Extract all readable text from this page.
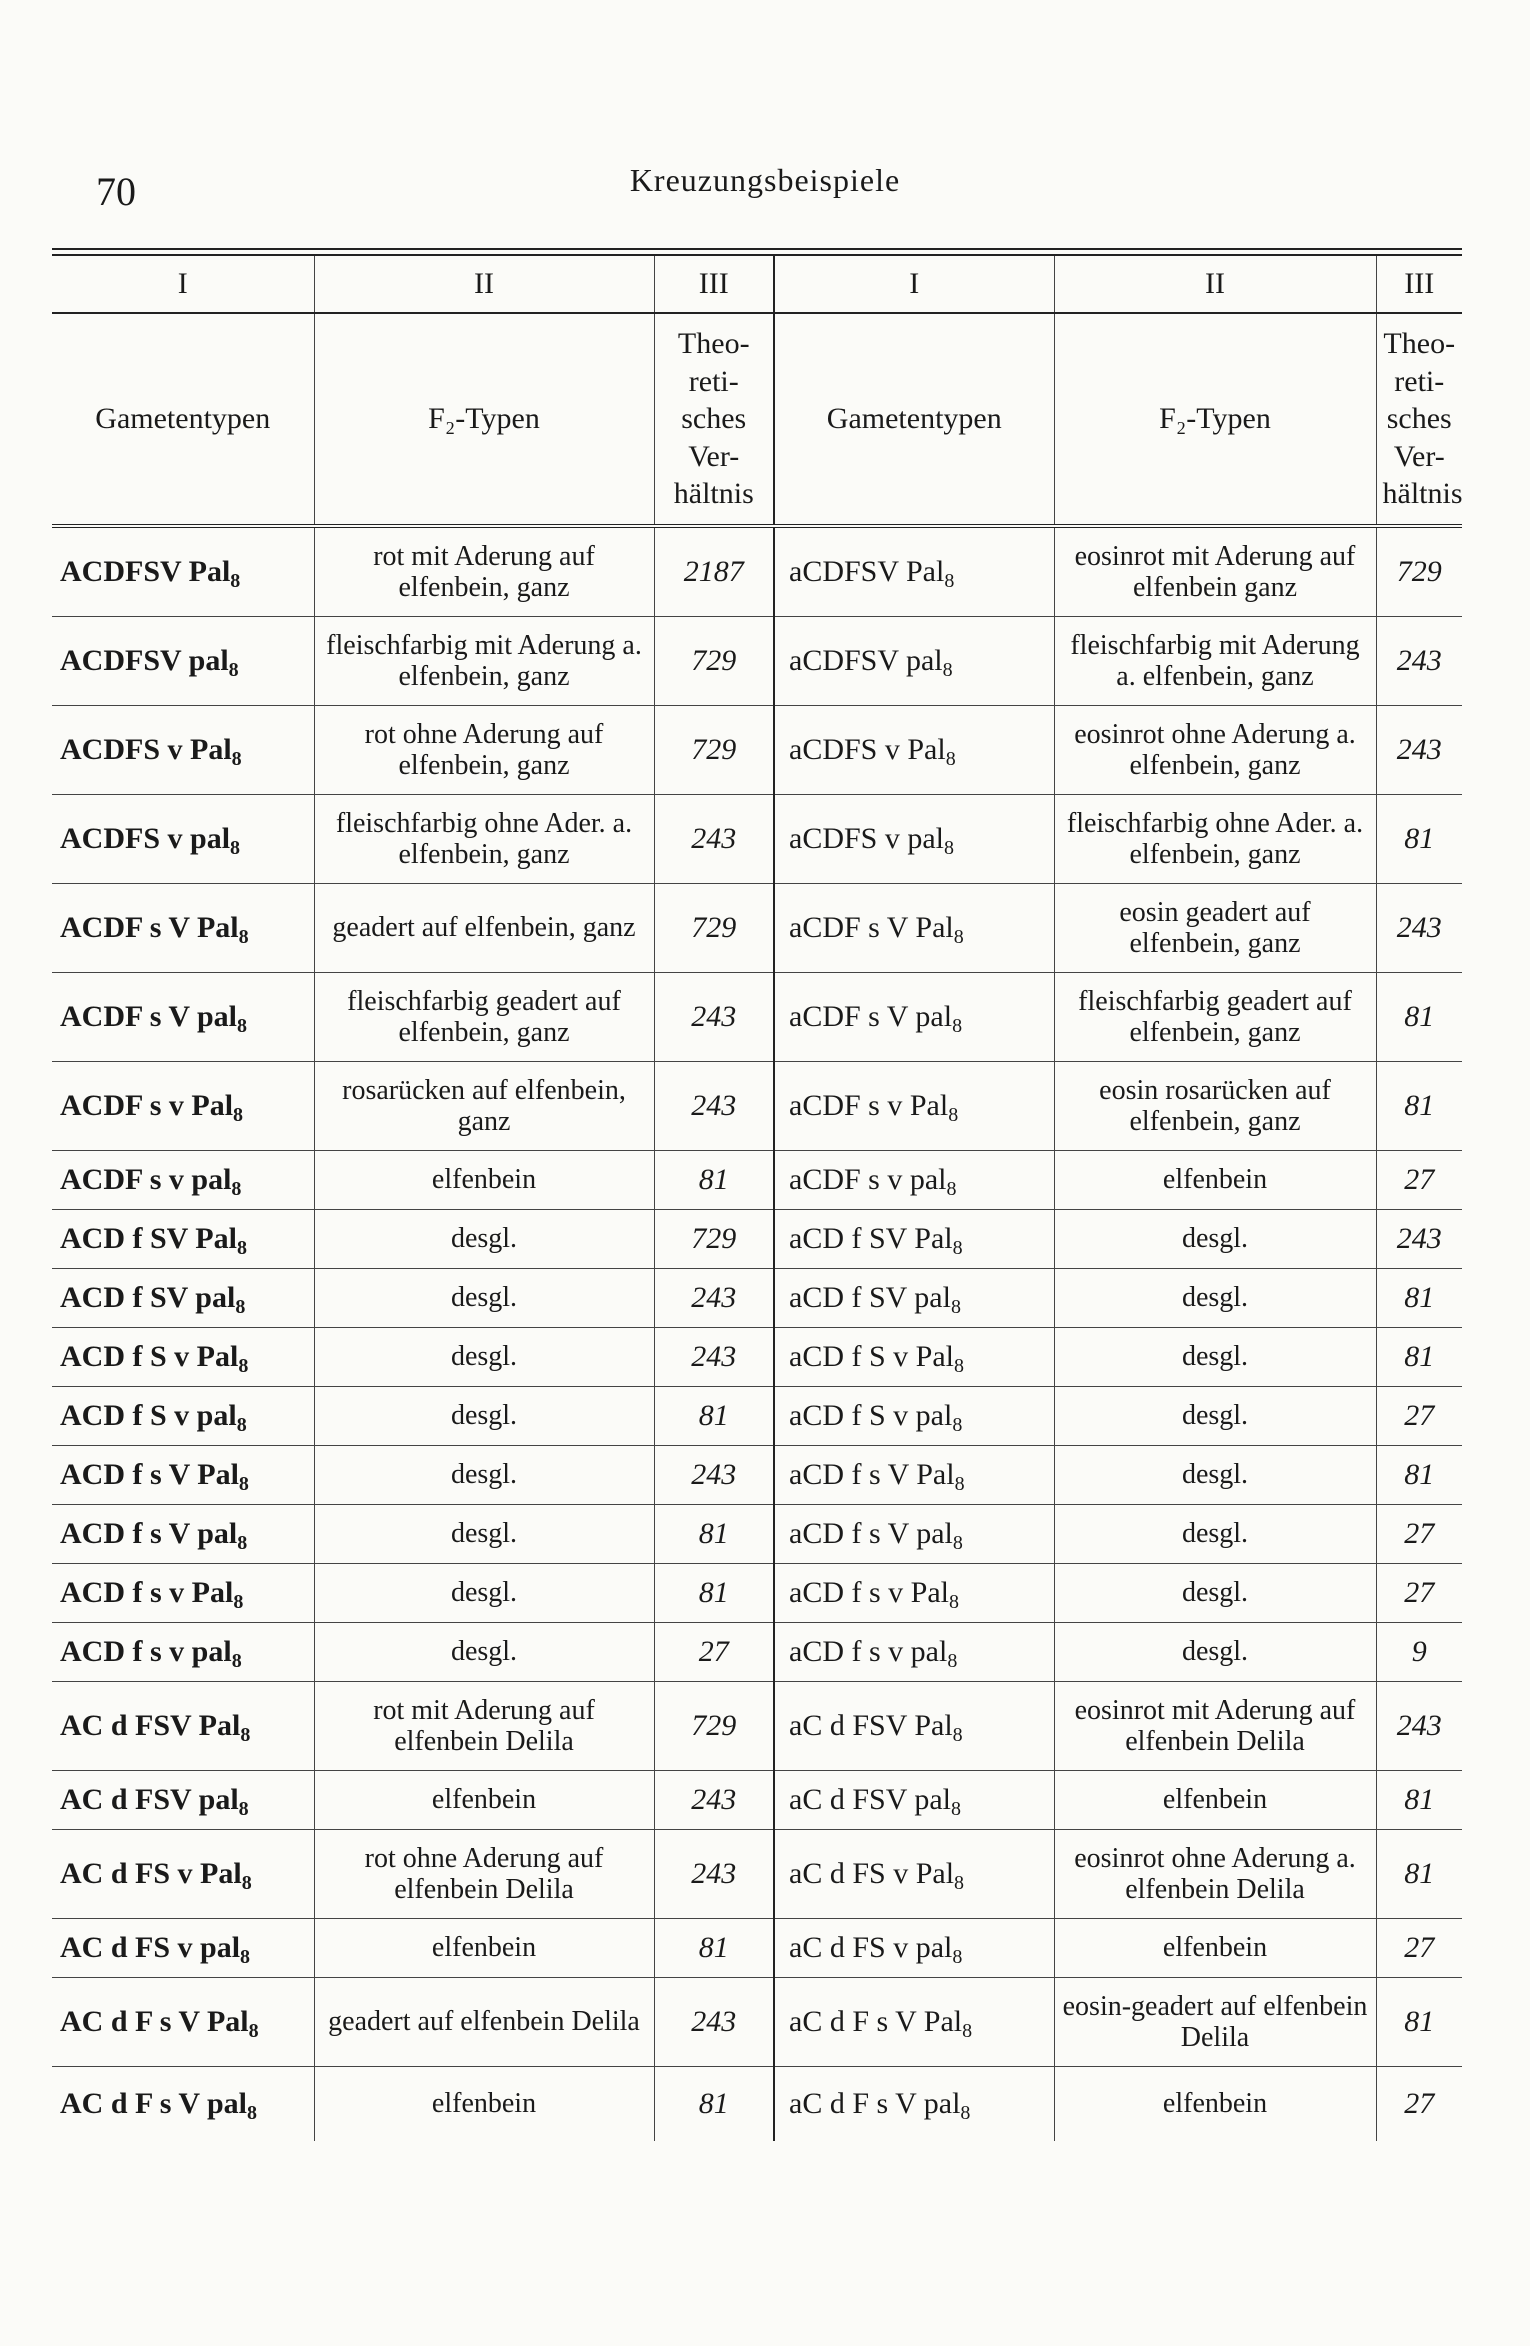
70	Kreuzungsbeispiele
I	II	III	I	II	III
Gametentypen	F₂-Typen	Theo-
reti-
sches
Ver-
hältnis	Gametentypen	F₂-Typen	Theo-
reti-
sches
Ver-
hältnis
ACDFSV Pal$_8$	rot mit Aderung auf elfenbein, ganz	2187	aCDFSV Pal$_8$	eosinrot mit Aderung auf elfenbein ganz	729
ACDFSV pal$_8$	fleischfarbig mit Aderung a. elfenbein, ganz	729	aCDFSV pal$_8$	fleischfarbig mit Aderung a. elfenbein, ganz	243
ACDFS v Pal$_8$	rot ohne Aderung auf elfenbein, ganz	729	aCDFS v Pal$_8$	eosinrot ohne Aderung a. elfenbein, ganz	243
ACDFS v pal$_8$	fleischfarbig ohne Ader. a. elfenbein, ganz	243	aCDFS v pal$_8$	fleischfarbig ohne Ader. a. elfenbein, ganz	81
ACDF s V Pal$_8$	geadert auf elfenbein, ganz	729	aCDF s V Pal$_8$	eosin geadert auf elfenbein, ganz	243
ACDF s V pal$_8$	fleischfarbig geadert auf elfenbein, ganz	243	aCDF s V pal$_8$	fleischfarbig geadert auf elfenbein, ganz	81
ACDF s v Pal$_8$	rosarücken auf elfenbein, ganz	243	aCDF s v Pal$_8$	eosin rosarücken auf elfenbein, ganz	81
ACDF s v pal$_8$	elfenbein	81	aCDF s v pal$_8$	elfenbein	27
ACD f SV Pal$_8$	desgl.	729	aCD f SV Pal$_8$	desgl.	243
ACD f SV pal$_8$	desgl.	243	aCD f SV pal$_8$	desgl.	81
ACD f S v Pal$_8$	desgl.	243	aCD f S v Pal$_8$	desgl.	81
ACD f S v pal$_8$	desgl.	81	aCD f S v pal$_8$	desgl.	27
ACD f s V Pal$_8$	desgl.	243	aCD f s V Pal$_8$	desgl.	81
ACD f s V pal$_8$	desgl.	81	aCD f s V pal$_8$	desgl.	27
ACD f s v Pal$_8$	desgl.	81	aCD f s v Pal$_8$	desgl.	27
ACD f s v pal$_8$	desgl.	27	aCD f s v pal$_8$	desgl.	9
AC d FSV Pal$_8$	rot mit Aderung auf elfenbein Delila	729	aC d FSV Pal$_8$	eosinrot mit Aderung auf elfenbein Delila	243
AC d FSV pal$_8$	elfenbein	243	aC d FSV pal$_8$	elfenbein	81
AC d FS v Pal$_8$	rot ohne Aderung auf elfenbein Delila	243	aC d FS v Pal$_8$	eosinrot ohne Aderung a. elfenbein Delila	81
AC d FS v pal$_8$	elfenbein	81	aC d FS v pal$_8$	elfenbein	27
AC d F s V Pal$_8$	geadert auf elfenbein Delila	243	aC d F s V Pal$_8$	eosin-geadert auf elfenbein Delila	81
AC d F s V pal$_8$	elfenbein	81	aC d F s V pal$_8$	elfenbein	27
